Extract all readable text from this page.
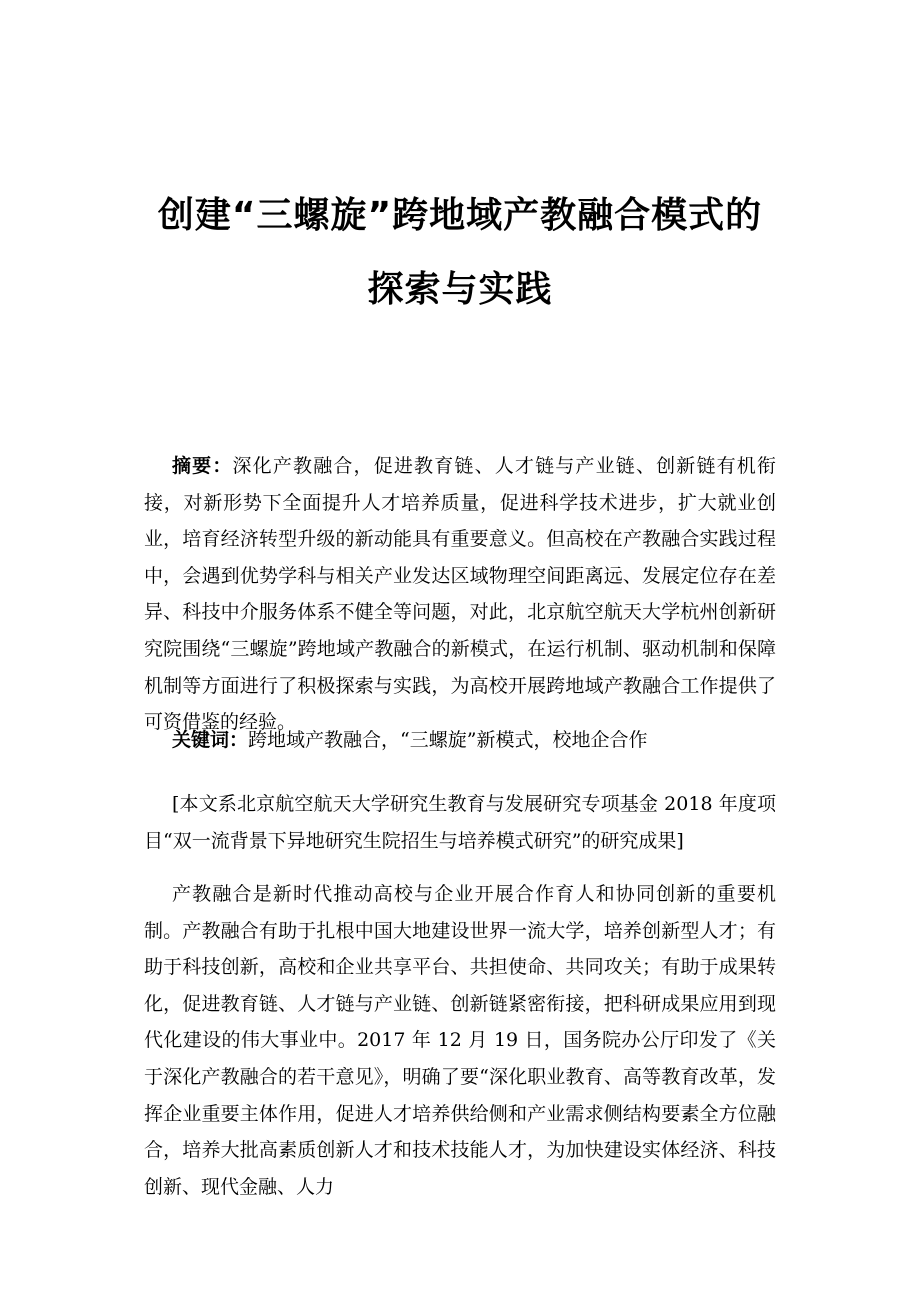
创建“三螺旋”跨地域产教融合模式的
探索与实践

摘要：深化产教融合，促进教育链、人才链与产业链、创新链有机衔接，对新形势下全面提升人才培养质量，促进科学技术进步，扩大就业创业，培育经济转型升级的新动能具有重要意义。但高校在产教融合实践过程中，会遇到优势学科与相关产业发达区域物理空间距离远、发展定位存在差异、科技中介服务体系不健全等问题，对此，北京航空航天大学杭州创新研究院围绕“三螺旋”跨地域产教融合的新模式，在运行机制、驱动机制和保障机制等方面进行了积极探索与实践，为高校开展跨地域产教融合工作提供了可资借鉴的经验。

关键词：跨地域产教融合，“三螺旋”新模式，校地企合作

[本文系北京航空航天大学研究生教育与发展研究专项基金 2018 年度项目“双一流背景下异地研究生院招生与培养模式研究”的研究成果]

产教融合是新时代推动高校与企业开展合作育人和协同创新的重要机制。产教融合有助于扎根中国大地建设世界一流大学，培养创新型人才；有助于科技创新，高校和企业共享平台、共担使命、共同攻关；有助于成果转化，促进教育链、人才链与产业链、创新链紧密衔接，把科研成果应用到现代化建设的伟大事业中。2017 年 12 月 19 日，国务院办公厅印发了《关于深化产教融合的若干意见》，明确了要“深化职业教育、高等教育改革，发挥企业重要主体作用，促进人才培养供给侧和产业需求侧结构要素全方位融合，培养大批高素质创新人才和技术技能人才，为加快建设实体经济、科技创新、现代金融、人力
